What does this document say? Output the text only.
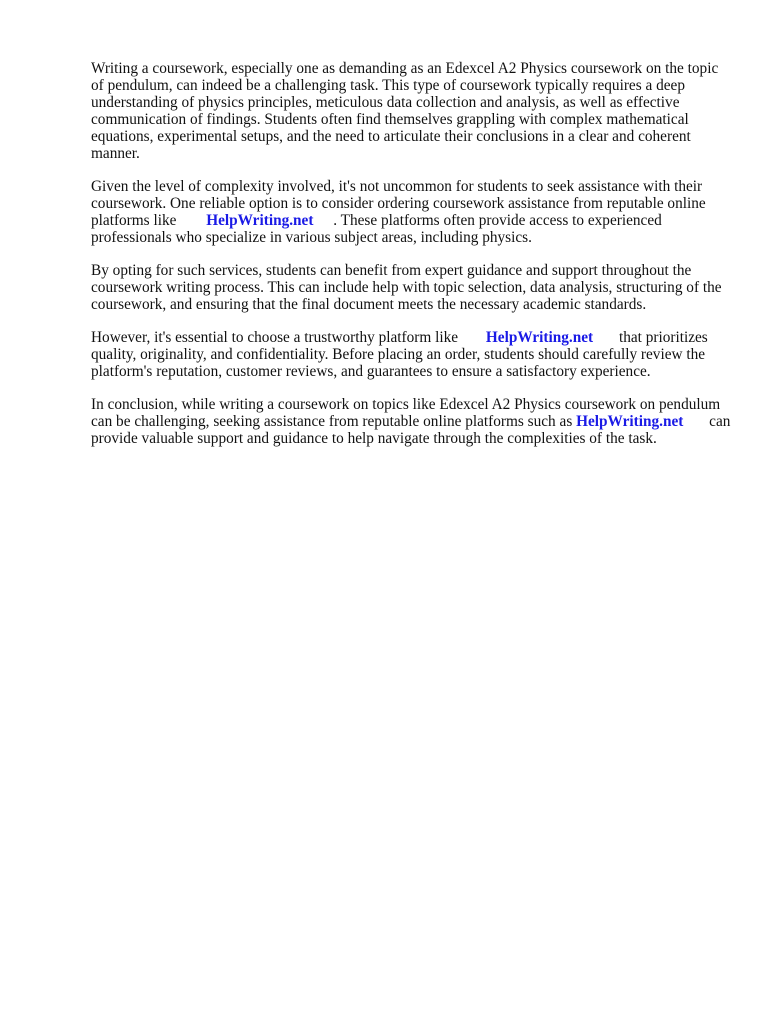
Writing a coursework, especially one as demanding as an Edexcel A2 Physics coursework on the topic of pendulum, can indeed be a challenging task. This type of coursework typically requires a deep understanding of physics principles, meticulous data collection and analysis, as well as effective communication of findings. Students often find themselves grappling with complex mathematical equations, experimental setups, and the need to articulate their conclusions in a clear and coherent manner.

Given the level of complexity involved, it's not uncommon for students to seek assistance with their coursework. One reliable option is to consider ordering coursework assistance from reputable online platforms like HelpWriting.net . These platforms often provide access to experienced professionals who specialize in various subject areas, including physics.

By opting for such services, students can benefit from expert guidance and support throughout the coursework writing process. This can include help with topic selection, data analysis, structuring of the coursework, and ensuring that the final document meets the necessary academic standards.

However, it's essential to choose a trustworthy platform like HelpWriting.net that prioritizes quality, originality, and confidentiality. Before placing an order, students should carefully review the platform's reputation, customer reviews, and guarantees to ensure a satisfactory experience.

In conclusion, while writing a coursework on topics like Edexcel A2 Physics coursework on pendulum can be challenging, seeking assistance from reputable online platforms such as HelpWriting.net can provide valuable support and guidance to help navigate through the complexities of the task.
